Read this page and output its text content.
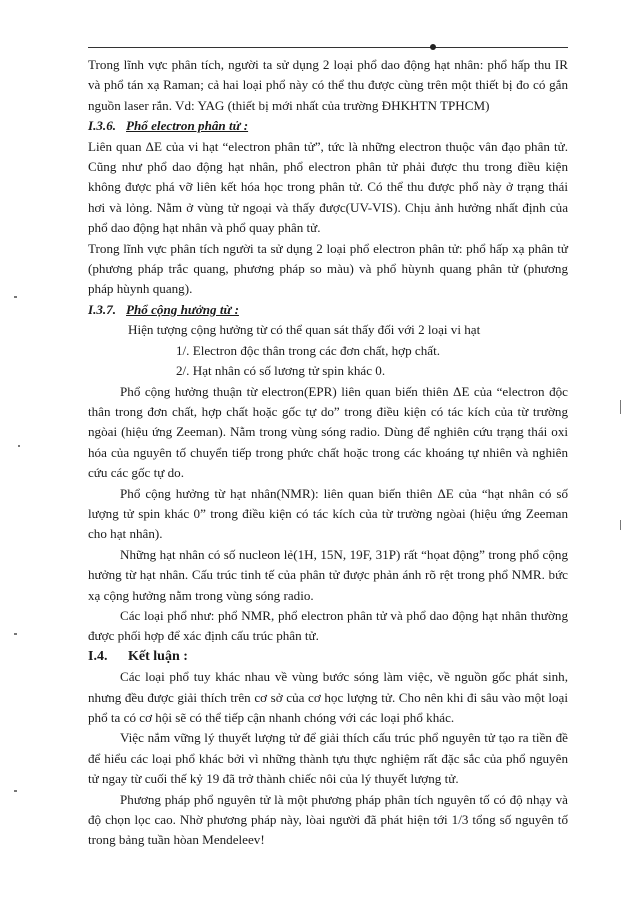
Trong lĩnh vực phân tích, người ta sử dụng 2 loại phổ dao động hạt nhân: phổ hấp thu IR và phổ tán xạ Raman; cả hai loại phổ này có thể thu được cùng trên một thiết bị đo có gắn nguồn laser rắn. Vd: YAG (thiết bị mới nhất của trường ĐHKHTN TPHCM)

I.3.6. Phổ electron phân tử :

Liên quan ΔE của vi hạt “electron phân tử”, tức là những electron thuộc vân đạo phân tử. Cũng như phổ dao động hạt nhân, phổ electron phân tử phải được thu trong điều kiện không được phá vỡ liên kết hóa học trong phân tử. Có thể thu được phổ này ở trạng thái hơi và lỏng. Nằm ở vùng tử ngoại và thấy được(UV-VIS). Chịu ảnh hưởng nhất định của phổ dao động hạt nhân và phổ quay phân tử.

Trong lĩnh vực phân tích người ta sử dụng 2 loại phổ electron phân tử: phổ hấp xạ phân tử (phương pháp trắc quang, phương pháp so màu) và phổ hùynh quang phân tử (phương pháp hùynh quang).

I.3.7. Phổ cộng hưởng từ :

Hiện tượng cộng hưởng từ có thể quan sát thấy đối với 2 loại vi hạt

1/. Electron độc thân trong các đơn chất, hợp chất.

2/. Hạt nhân có số lương tử spin khác 0.

Phổ cộng hưởng thuận từ electron(EPR) liên quan biến thiên ΔE của “electron độc thân trong đơn chất, hợp chất hoặc gốc tự do” trong điều kiện có tác kích của từ trường ngòai (hiệu ứng Zeeman). Nằm trong vùng sóng radio. Dùng để nghiên cứu trạng thái oxi hóa của nguyên tố chuyển tiếp trong phức chất hoặc trong các khoáng tự nhiên và nghiên cứu các gốc tự do.

Phổ cộng hưởng từ hạt nhân(NMR): liên quan biến thiên ΔE của “hạt nhân có số lượng tử spin khác 0” trong điều kiện có tác kích của từ trường ngòai (hiệu ứng Zeeman cho hạt nhân).

Những hạt nhân có số nucleon lẻ(1H, 15N, 19F, 31P) rất “họat động” trong phổ cộng hưởng từ hạt nhân. Cấu trúc tinh tế của phân tử được phản ánh rõ rệt trong phổ NMR. bức xạ cộng hưởng nằm trong vùng sóng radio.

Các loại phổ như: phổ NMR, phổ electron phân tử và phổ dao động hạt nhân thường được phối hợp để xác định cấu trúc phân tử.

I.4. Kết luận :

Các loại phổ tuy khác nhau về vùng bước sóng làm việc, về nguồn gốc phát sinh, nhưng đều được giải thích trên cơ sở của cơ học lượng tử. Cho nên khi đi sâu vào một loại phổ ta có cơ hội sẽ có thể tiếp cận nhanh chóng với các loại phổ khác.

Việc nắm vững lý thuyết lượng tử để giải thích cấu trúc phổ nguyên tử tạo ra tiền đề để hiểu các loại phổ khác bởi vì những thành tựu thực nghiệm rất đặc sắc của phổ nguyên tử ngay từ cuối thế kỷ 19 đã trở thành chiếc nôi của lý thuyết lượng tử.

Phương pháp phổ nguyên tử là một phương pháp phân tích nguyên tố có độ nhạy và độ chọn lọc cao. Nhờ phương pháp này, lòai người đã phát hiện tới 1/3 tổng số nguyên tố trong bảng tuần hòan Mendeleev!
